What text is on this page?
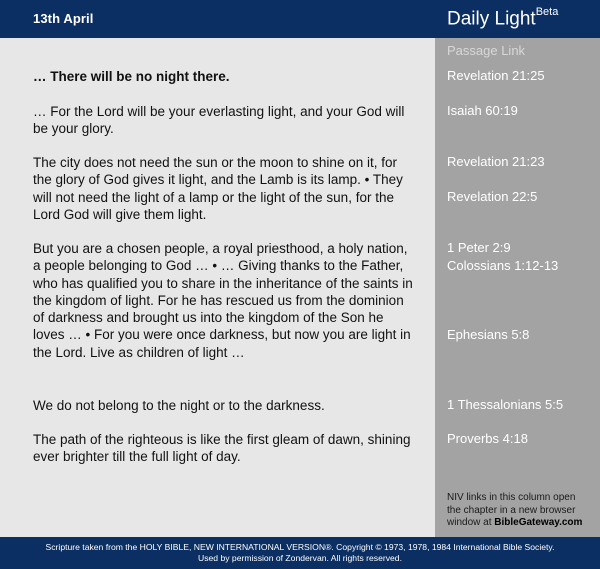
13th April	Daily Light$^{Beta}$
Passage Link
… There will be no night there.
… For the Lord will be your everlasting light, and your God will be your glory.
The city does not need the sun or the moon to shine on it, for the glory of God gives it light, and the Lamb is its lamp. • They will not need the light of a lamp or the light of the sun, for the Lord God will give them light.
But you are a chosen people, a royal priesthood, a holy nation, a people belonging to God … • … Giving thanks to the Father, who has qualified you to share in the inheritance of the saints in the kingdom of light. For he has rescued us from the dominion of darkness and brought us into the kingdom of the Son he loves … • For you were once darkness, but now you are light in the Lord. Live as children of light …
We do not belong to the night or to the darkness.
The path of the righteous is like the first gleam of dawn, shining ever brighter till the full light of day.
Revelation 21:25
Isaiah 60:19
Revelation 21:23
Revelation 22:5
1 Peter 2:9
Colossians 1:12-13
Ephesians 5:8
1 Thessalonians 5:5
Proverbs 4:18
NIV links in this column open the chapter in a new browser window at BibleGateway.com
Scripture taken from the HOLY BIBLE, NEW INTERNATIONAL VERSION®. Copyright © 1973, 1978, 1984 International Bible Society.
Used by permission of Zondervan. All rights reserved.
